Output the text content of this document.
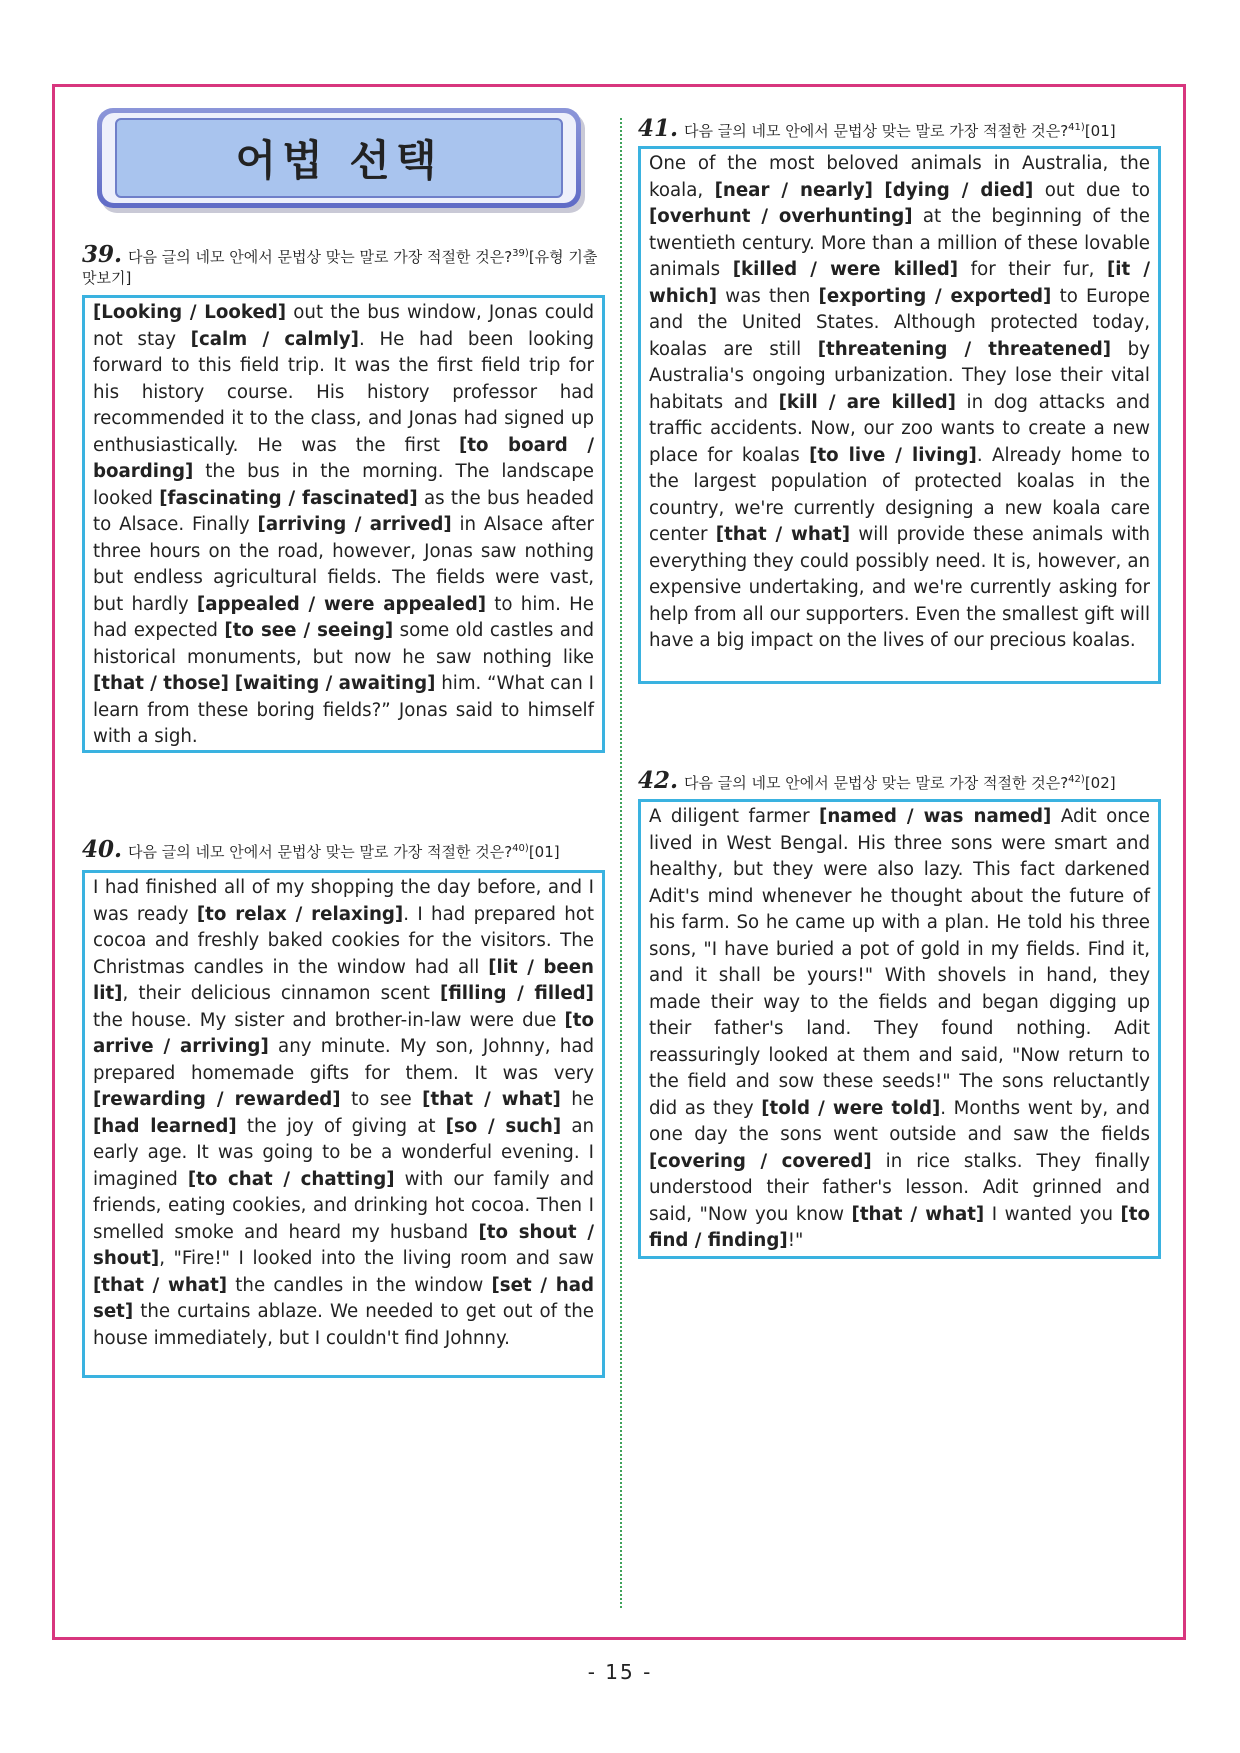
어법 선택
39. 다음 글의 네모 안에서 문법상 맞는 말로 가장 적절한 것은?$^{39)}$[유형 기출 맛보기]
[Looking / Looked] out the bus window, Jonas could not stay [calm / calmly]. He had been looking forward to this field trip. It was the first field trip for his history course. His history professor had recommended it to the class, and Jonas had signed up enthusiastically. He was the first [to board / boarding] the bus in the morning. The landscape looked [fascinating / fascinated] as the bus headed to Alsace. Finally [arriving / arrived] in Alsace after three hours on the road, however, Jonas saw nothing but endless agricultural fields. The fields were vast, but hardly [appealed / were appealed] to him. He had expected [to see / seeing] some old castles and historical monuments, but now he saw nothing like [that / those] [waiting / awaiting] him. “What can I learn from these boring fields?” Jonas said to himself with a sigh.
40. 다음 글의 네모 안에서 문법상 맞는 말로 가장 적절한 것은?$^{40)}$[01]
I had finished all of my shopping the day before, and I was ready [to relax / relaxing]. I had prepared hot cocoa and freshly baked cookies for the visitors. The Christmas candles in the window had all [lit / been lit], their delicious cinnamon scent [filling / filled] the house. My sister and brother-in-law were due [to arrive / arriving] any minute. My son, Johnny, had prepared homemade gifts for them. It was very [rewarding / rewarded] to see [that / what] he [had learned] the joy of giving at [so / such] an early age. It was going to be a wonderful evening. I imagined [to chat / chatting] with our family and friends, eating cookies, and drinking hot cocoa. Then I smelled smoke and heard my husband [to shout / shout], "Fire!" I looked into the living room and saw [that / what] the candles in the window [set / had set] the curtains ablaze. We needed to get out of the house immediately, but I couldn't find Johnny.
41. 다음 글의 네모 안에서 문법상 맞는 말로 가장 적절한 것은?$^{41)}$[01]
One of the most beloved animals in Australia, the koala, [near / nearly] [dying / died] out due to [overhunt / overhunting] at the beginning of the twentieth century. More than a million of these lovable animals [killed / were killed] for their fur, [it / which] was then [exporting / exported] to Europe and the United States. Although protected today, koalas are still [threatening / threatened] by Australia's ongoing urbanization. They lose their vital habitats and [kill / are killed] in dog attacks and traffic accidents. Now, our zoo wants to create a new place for koalas [to live / living]. Already home to the largest population of protected koalas in the country, we're currently designing a new koala care center [that / what] will provide these animals with everything they could possibly need. It is, however, an expensive undertaking, and we're currently asking for help from all our supporters. Even the smallest gift will have a big impact on the lives of our precious koalas.
42. 다음 글의 네모 안에서 문법상 맞는 말로 가장 적절한 것은?$^{42)}$[02]
A diligent farmer [named / was named] Adit once lived in West Bengal. His three sons were smart and healthy, but they were also lazy. This fact darkened Adit's mind whenever he thought about the future of his farm. So he came up with a plan. He told his three sons, "I have buried a pot of gold in my fields. Find it, and it shall be yours!" With shovels in hand, they made their way to the fields and began digging up their father's land. They found nothing. Adit reassuringly looked at them and said, "Now return to the field and sow these seeds!" The sons reluctantly did as they [told / were told]. Months went by, and one day the sons went outside and saw the fields [covering / covered] in rice stalks. They finally understood their father's lesson. Adit grinned and said, "Now you know [that / what] I wanted you [to find / finding]!"
- 15 -
